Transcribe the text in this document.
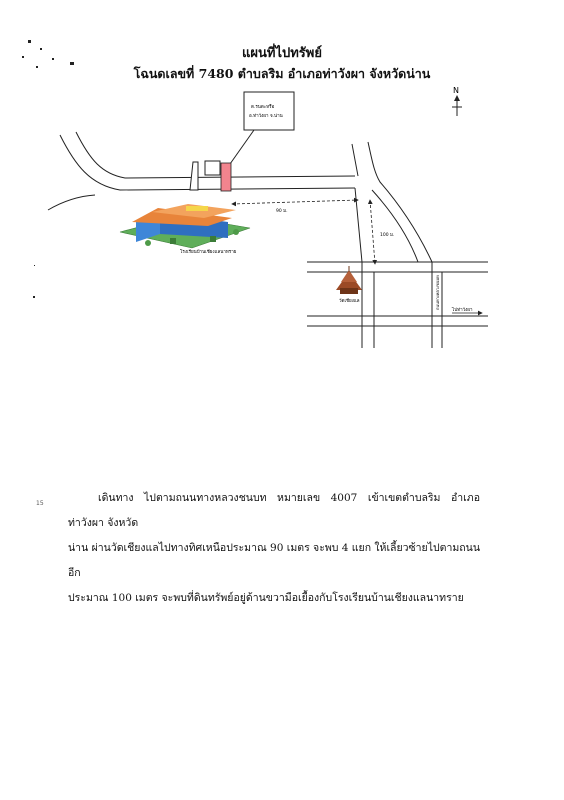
แผนที่ไปทรัพย์
โฉนดเลขที่ 7480 ตำบลริม อำเภอท่าวังผา จังหวัดน่าน
N
ต.รนตะหรือ
อ.ท่าวังผา จ.น่าน
90 ม.
100 ม.
โรงเรียนบ้านเชียงแลนาทราย
วัดเชียงแล	ถนนทางหลวงชนบท
ไปท่าวังผา
15	เดินทาง ไปตามถนนทางหลวงชนบท หมายเลข 4007 เข้าเขตตำบลริม อำเภอท่าวังผา จังหวัด
น่าน ผ่านวัดเชียงแลไปทางทิศเหนือประมาณ 90 เมตร จะพบ 4 แยก ให้เลี้ยวซ้ายไปตามถนนอีก
ประมาณ 100 เมตร จะพบที่ดินทรัพย์อยู่ด้านขวามือเยื้องกับโรงเรียนบ้านเชียงแลนาทราย
